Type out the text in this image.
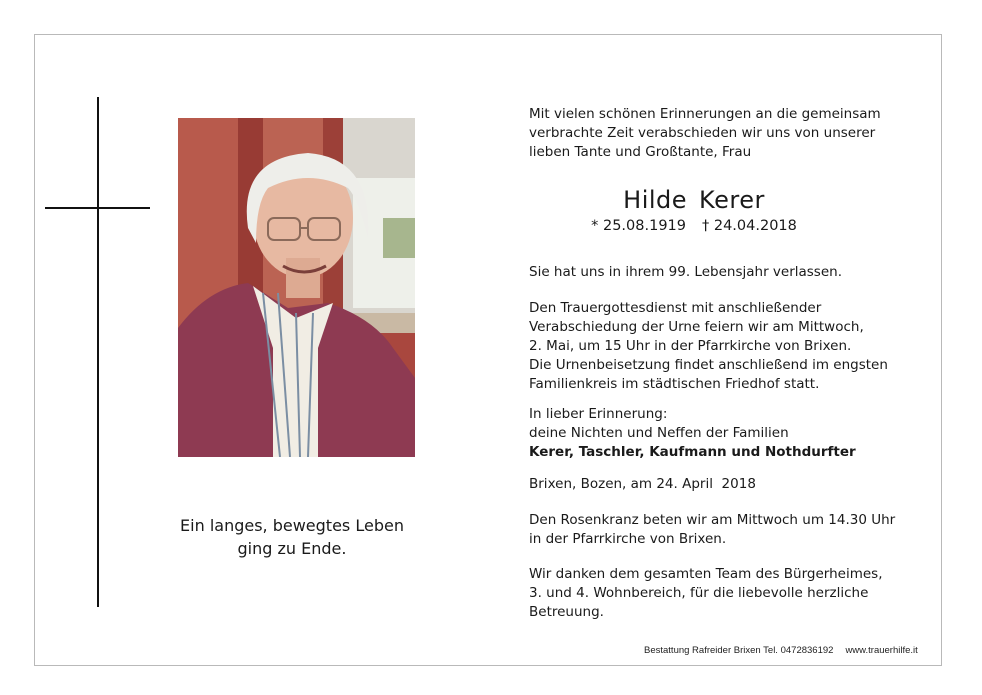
Ein langes, bewegtes Leben
ging zu Ende.

Mit vielen schönen Erinnerungen an die gemeinsam

verbrachte Zeit verabschieden wir uns von unserer

lieben Tante und Großtante, Frau

Hilde Kerer
* 25.08.1919 † 24.04.2018

Sie hat uns in ihrem 99. Lebensjahr verlassen.

Den Trauergottesdienst mit anschließender

Verabschiedung der Urne feiern wir am Mittwoch,

2. Mai, um 15 Uhr in der Pfarrkirche von Brixen.

Die Urnenbeisetzung findet anschließend im engsten

Familienkreis im städtischen Friedhof statt.

In lieber Erinnerung:

deine Nichten und Neffen der Familien

Kerer, Taschler, Kaufmann und Nothdurfter

Brixen, Bozen, am 24. April  2018

Den Rosenkranz beten wir am Mittwoch um 14.30 Uhr

in der Pfarrkirche von Brixen.

Wir danken dem gesamten Team des Bürgerheimes,

3. und 4. Wohnbereich, für die liebevolle herzliche

Betreuung.

Bestattung Rafreider Brixen Tel. 0472836192 www.trauerhilfe.it
